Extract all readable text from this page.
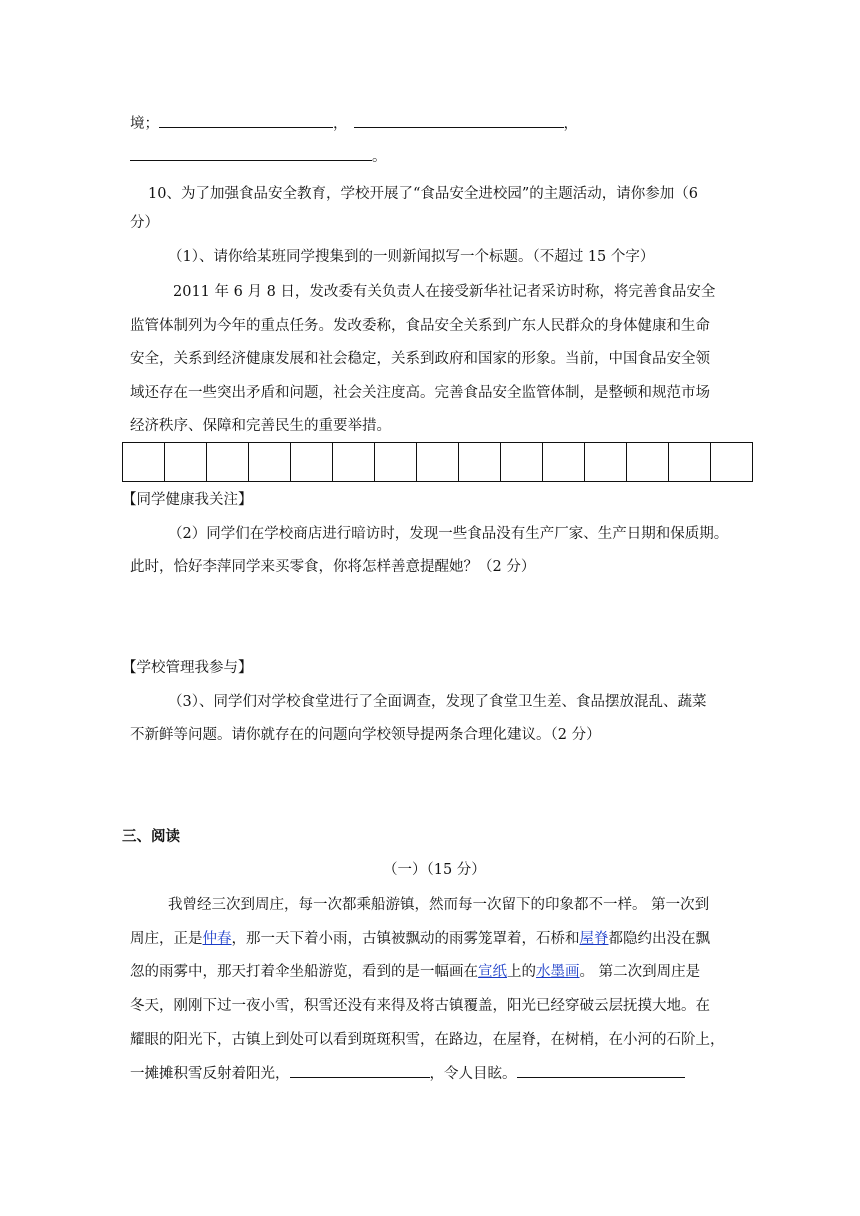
境；	，	，
。
10、为了加强食品安全教育，学校开展了“食品安全进校园”的主题活动，请你参加（6
分）
（1）、请你给某班同学搜集到的一则新闻拟写一个标题。（不超过 15 个字）
2011 年 6 月 8 日，发改委有关负责人在接受新华社记者采访时称，将完善食品安全
监管体制列为今年的重点任务。发改委称，食品安全关系到广东人民群众的身体健康和生命
安全，关系到经济健康发展和社会稳定，关系到政府和国家的形象。当前，中国食品安全领
域还存在一些突出矛盾和问题，社会关注度高。完善食品安全监管体制，是整顿和规范市场
经济秩序、保障和完善民生的重要举措。

【同学健康我关注】
（2）同学们在学校商店进行暗访时，发现一些食品没有生产厂家、生产日期和保质期。
此时，恰好李萍同学来买零食，你将怎样善意提醒她？（2 分）
【学校管理我参与】
（3）、同学们对学校食堂进行了全面调查，发现了食堂卫生差、食品摆放混乱、蔬菜
不新鲜等问题。请你就存在的问题向学校领导提两条合理化建议。（2 分）
三、阅读
（一）（15 分）
我曾经三次到周庄，每一次都乘船游镇，然而每一次留下的印象都不一样。 第一次到
周庄，正是仲春，那一天下着小雨，古镇被飘动的雨雾笼罩着，石桥和屋脊都隐约出没在飘
忽的雨雾中，那天打着伞坐船游览，看到的是一幅画在宣纸上的水墨画。 第二次到周庄是
冬天，刚刚下过一夜小雪，积雪还没有来得及将古镇覆盖，阳光已经穿破云层抚摸大地。在
耀眼的阳光下，古镇上到处可以看到斑斑积雪，在路边，在屋脊，在树梢，在小河的石阶上，
一摊摊积雪反射着阳光，	，令人目眩。
